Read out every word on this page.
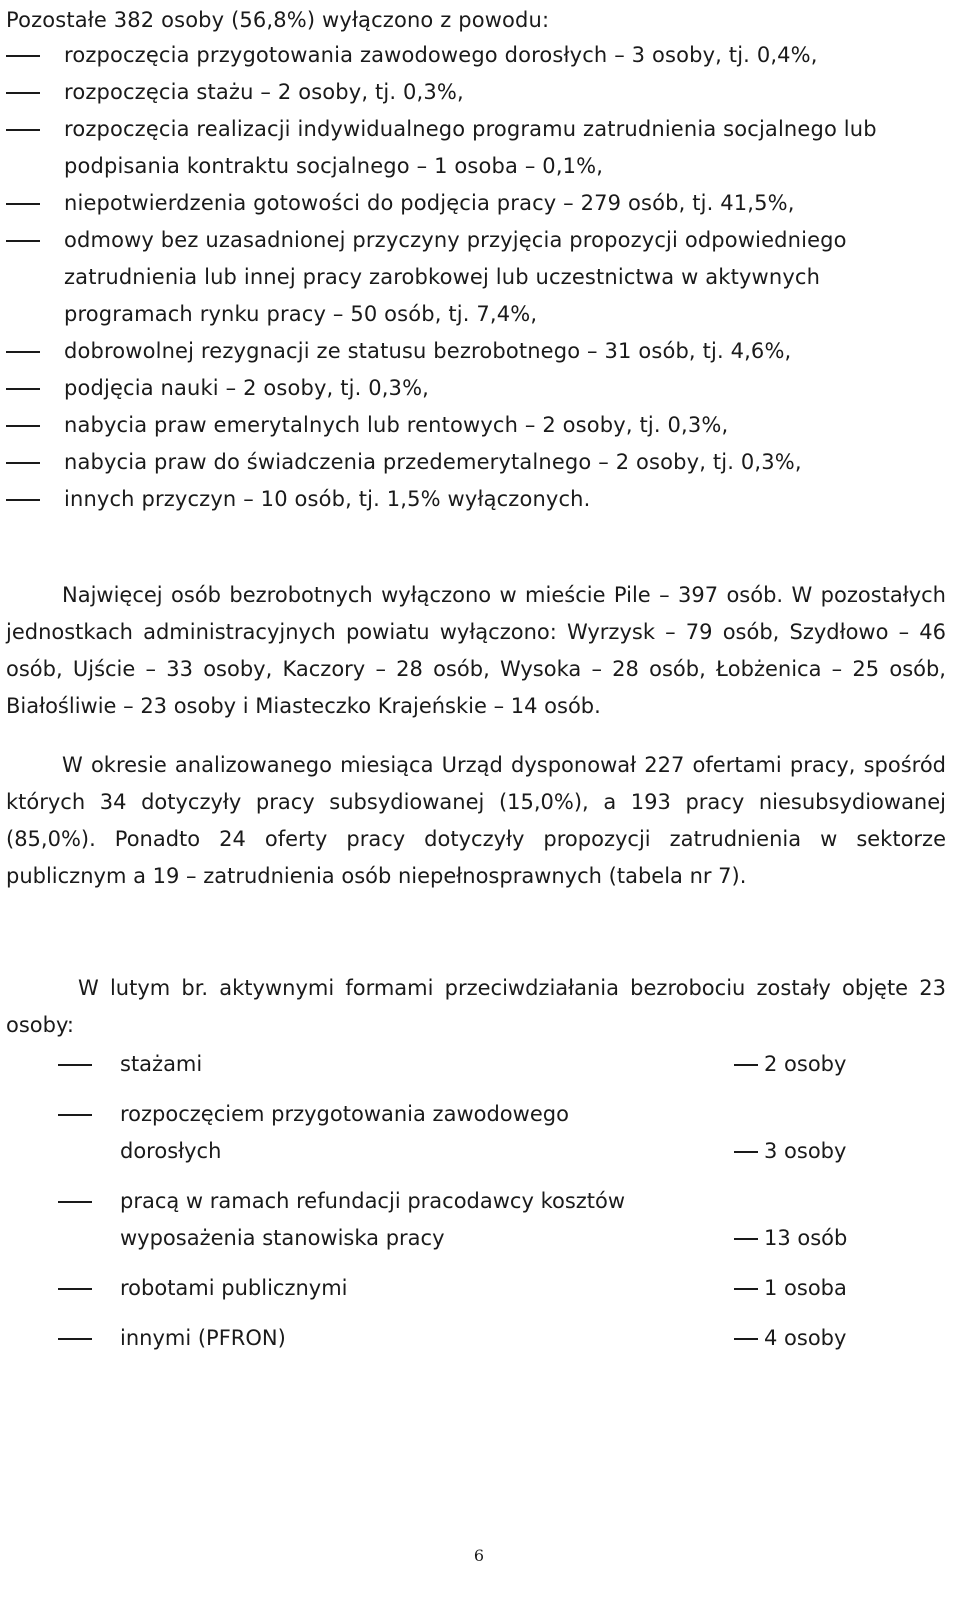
Pozostałe 382 osoby (56,8%) wyłączono z powodu:
rozpoczęcia przygotowania zawodowego dorosłych – 3 osoby, tj. 0,4%,
rozpoczęcia stażu – 2 osoby, tj. 0,3%,
rozpoczęcia realizacji indywidualnego programu zatrudnienia socjalnego lub podpisania kontraktu socjalnego – 1 osoba – 0,1%,
niepotwierdzenia gotowości do podjęcia pracy – 279 osób, tj. 41,5%,
odmowy bez uzasadnionej przyczyny przyjęcia propozycji odpowiedniego zatrudnienia lub innej pracy zarobkowej lub uczestnictwa w aktywnych programach rynku pracy – 50 osób, tj. 7,4%,
dobrowolnej rezygnacji ze statusu bezrobotnego – 31 osób, tj. 4,6%,
podjęcia nauki – 2 osoby, tj. 0,3%,
nabycia praw emerytalnych lub rentowych – 2 osoby, tj. 0,3%,
nabycia praw do świadczenia przedemerytalnego – 2 osoby, tj. 0,3%,
innych przyczyn – 10 osób, tj. 1,5% wyłączonych.
Najwięcej osób bezrobotnych wyłączono w mieście Pile – 397 osób. W pozostałych jednostkach administracyjnych powiatu wyłączono: Wyrzysk – 79 osób, Szydłowo – 46 osób, Ujście – 33 osoby, Kaczory – 28 osób, Wysoka – 28 osób, Łobżenica – 25 osób, Białośliwie – 23 osoby i Miasteczko Krajeńskie – 14 osób.
W okresie analizowanego miesiąca Urząd dysponował 227 ofertami pracy, spośród których 34 dotyczyły pracy subsydiowanej (15,0%), a 193 pracy niesubsydiowanej (85,0%). Ponadto 24 oferty pracy dotyczyły propozycji zatrudnienia w sektorze publicznym a 19 – zatrudnienia osób niepełnosprawnych (tabela nr 7).
W lutym br. aktywnymi formami przeciwdziałania bezrobociu zostały objęte 23 osoby:
stażami	2 osoby
rozpoczęciem przygotowania zawodowego dorosłych	3 osoby
pracą w ramach refundacji pracodawcy kosztów wyposażenia stanowiska pracy	13 osób
robotami publicznymi	1 osoba
innymi (PFRON)	4 osoby
6
